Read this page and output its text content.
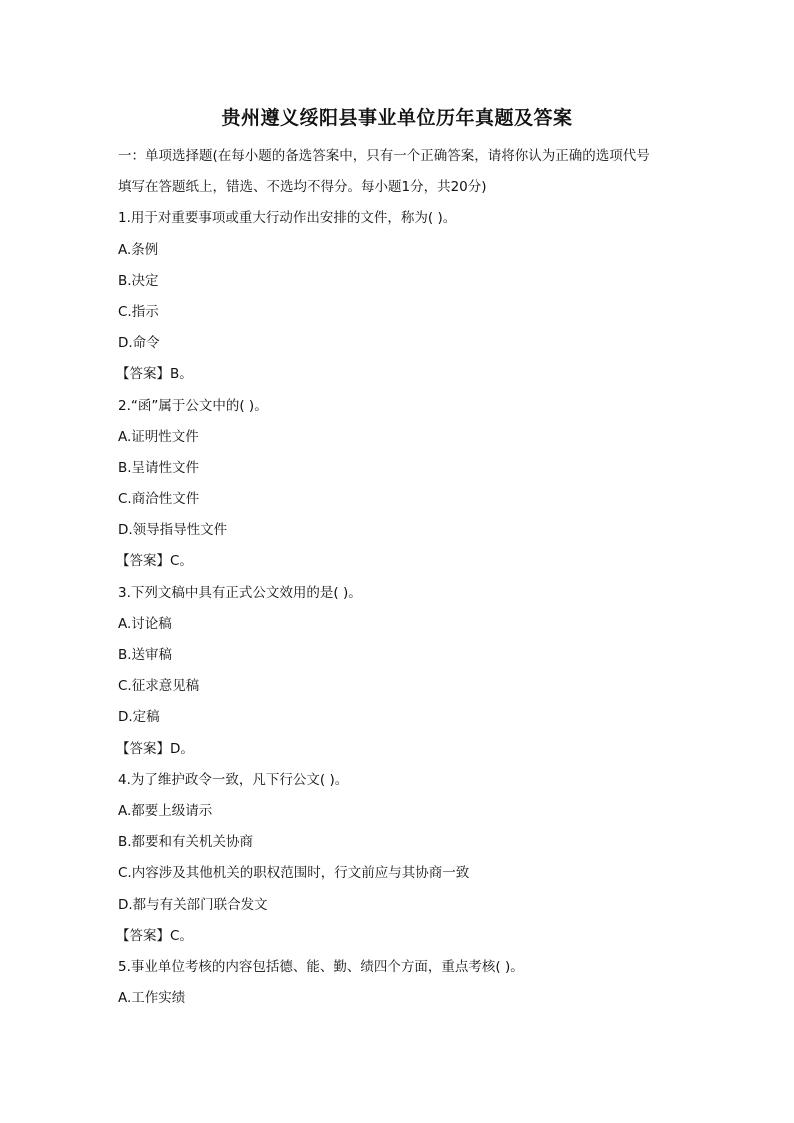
贵州遵义绥阳县事业单位历年真题及答案
一：单项选择题(在每小题的备选答案中，只有一个正确答案，请将你认为正确的选项代号
填写在答题纸上，错选、不选均不得分。每小题1分，共20分)
1.用于对重要事项或重大行动作出安排的文件，称为( )。
A.条例
B.决定
C.指示
D.命令
【答案】B。
2.“函”属于公文中的( )。
A.证明性文件
B.呈请性文件
C.商洽性文件
D.领导指导性文件
【答案】C。
3.下列文稿中具有正式公文效用的是( )。
A.讨论稿
B.送审稿
C.征求意见稿
D.定稿
【答案】D。
4.为了维护政令一致，凡下行公文( )。
A.都要上级请示
B.都要和有关机关协商
C.内容涉及其他机关的职权范围时，行文前应与其协商一致
D.都与有关部门联合发文
【答案】C。
5.事业单位考核的内容包括德、能、勤、绩四个方面，重点考核( )。
A.工作实绩
